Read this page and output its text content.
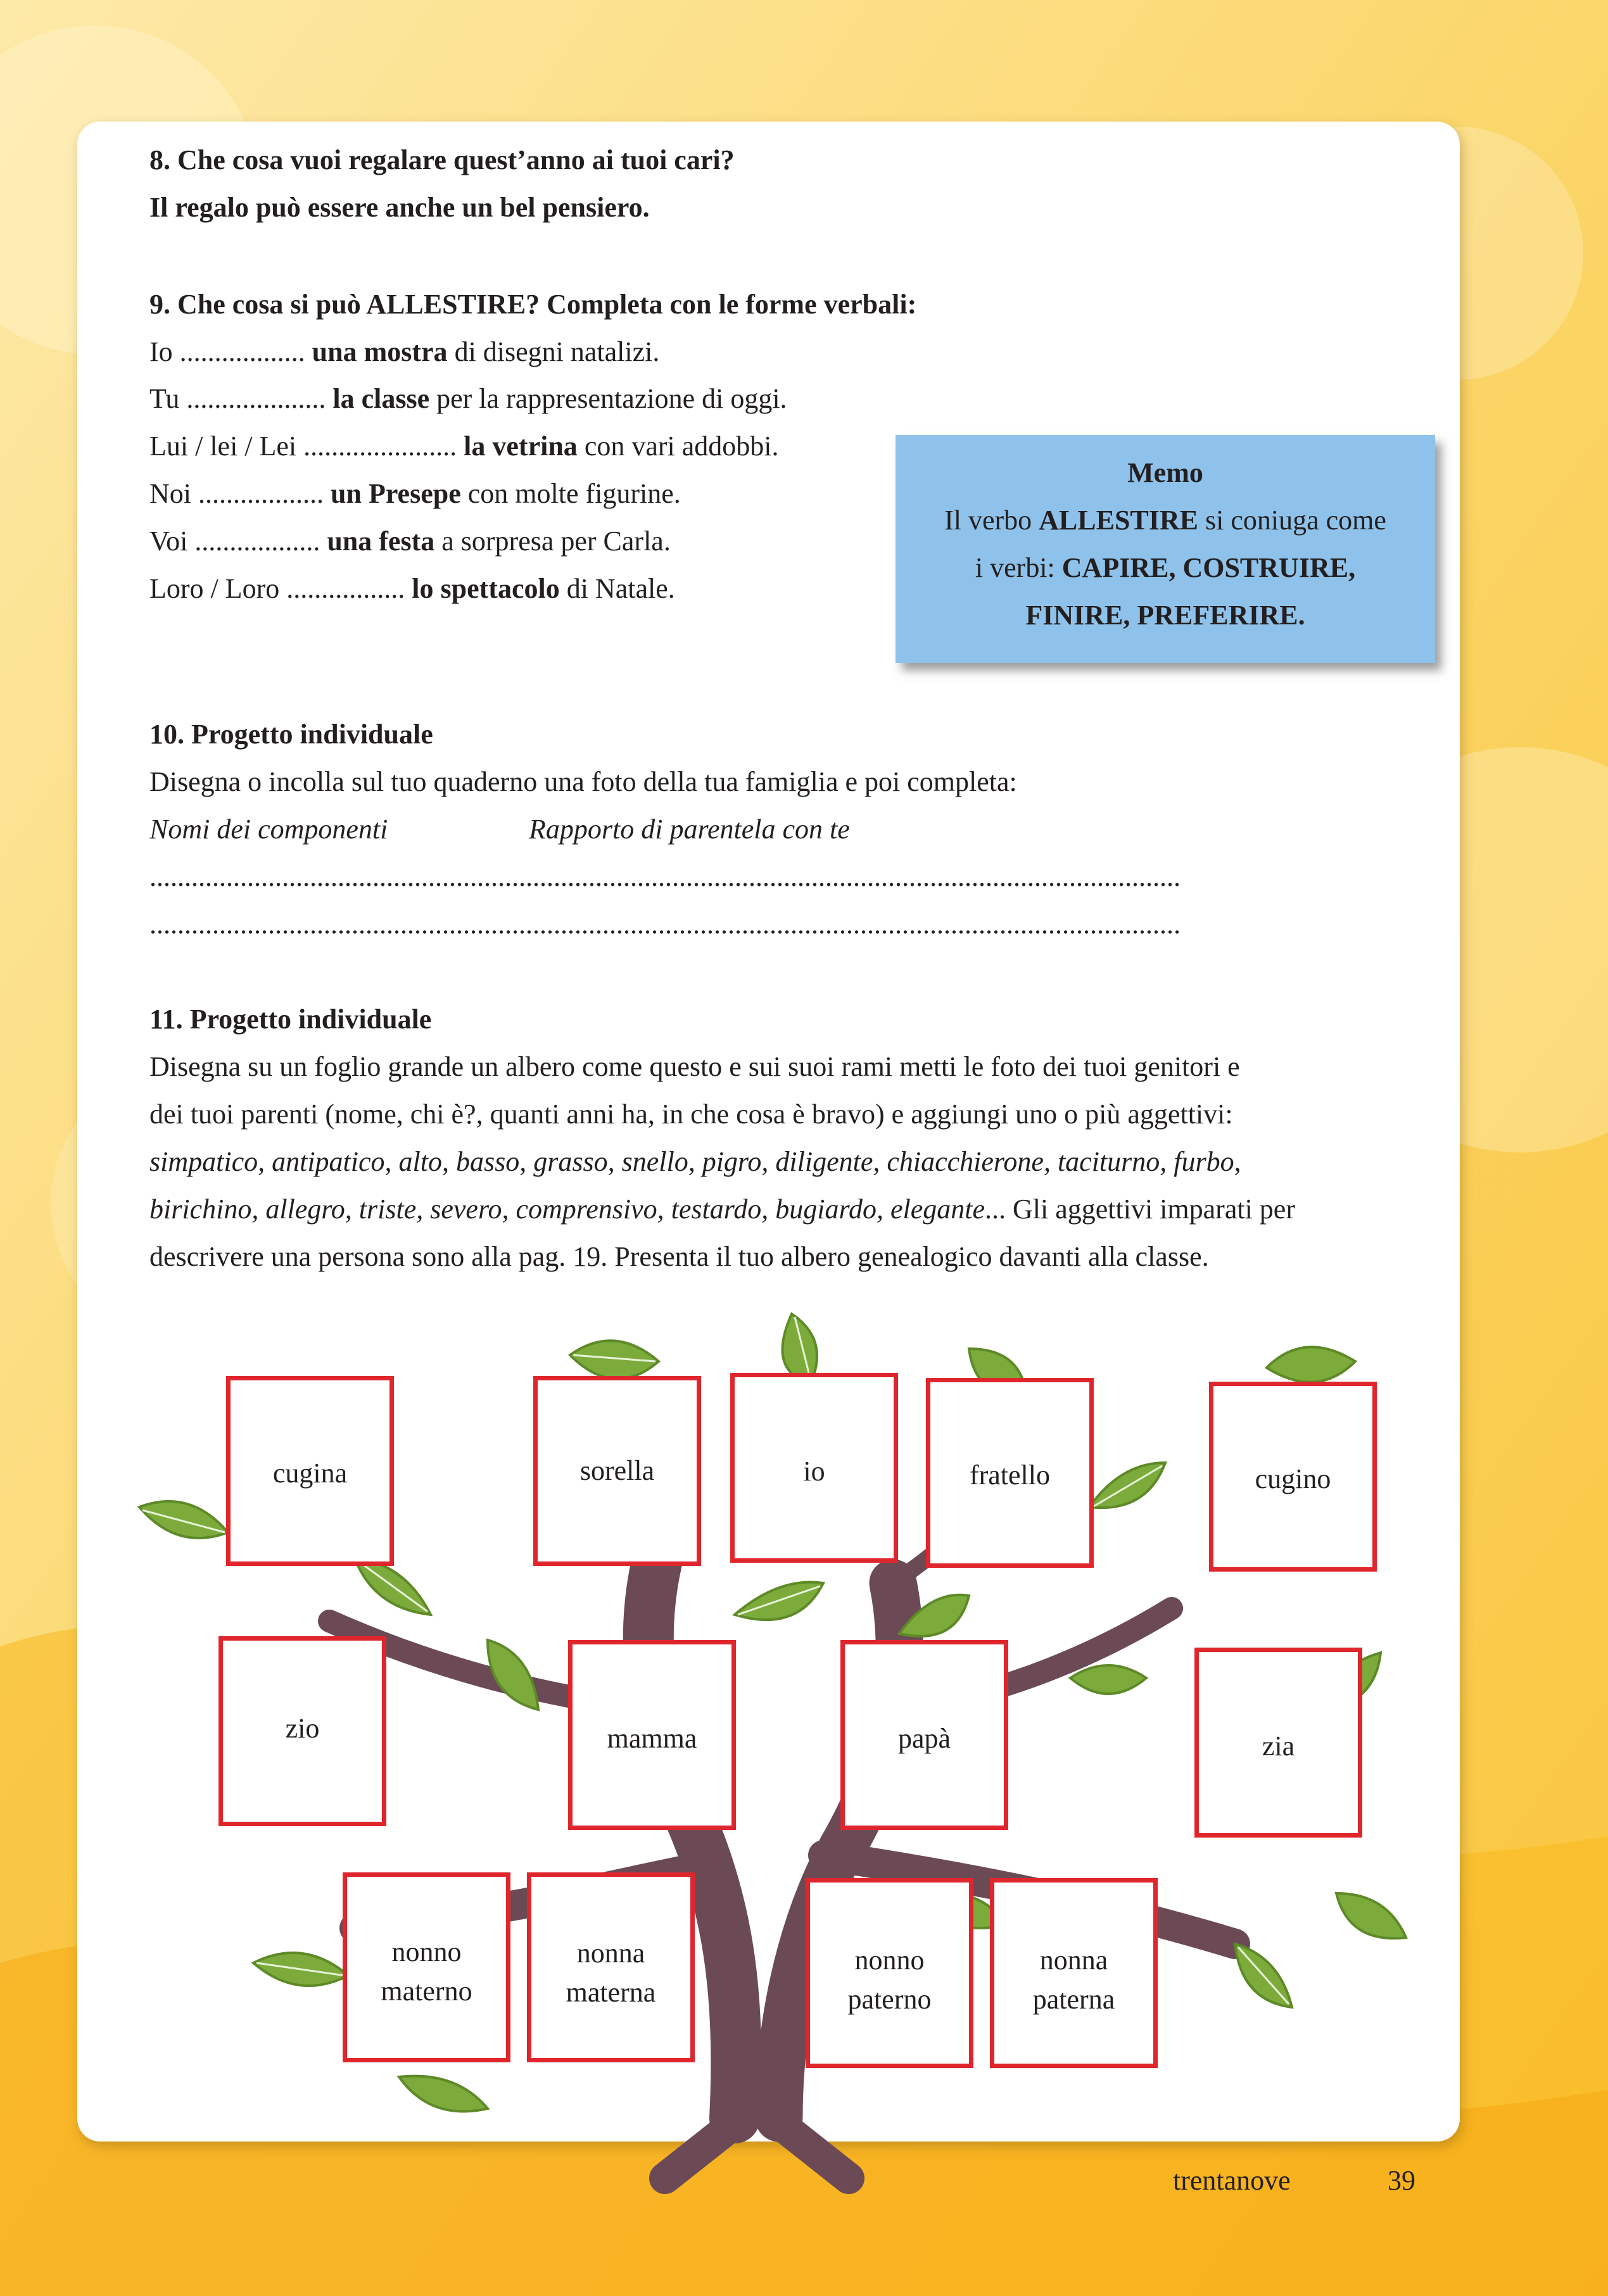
8. Che cosa vuoi regalare quest’anno ai tuoi cari?
Il regalo può essere anche un bel pensiero.
9. Che cosa si può ALLESTIRE? Completa con le forme verbali:
Io .................. una mostra di disegni natalizi.
Tu .................... la classe per la rappresentazione di oggi.
Lui / lei / Lei ...................... la vetrina con vari addobbi.
Noi .................. un Presepe con molte figurine.
Voi .................. una festa a sorpresa per Carla.
Loro / Loro ................. lo spettacolo di Natale.
Memo
Il verbo ALLESTIRE si coniuga come
i verbi: CAPIRE, COSTRUIRE,
FINIRE, PREFERIRE.
10. Progetto individuale
Disegna o incolla sul tuo quaderno una foto della tua famiglia e poi completa:
Nomi dei componenti	Rapporto di parentela con te
....................................................................................................................................................
....................................................................................................................................................
11. Progetto individuale
Disegna su un foglio grande un albero come questo e sui suoi rami metti le foto dei tuoi genitori e
dei tuoi parenti (nome, chi è?, quanti anni ha, in che cosa è bravo) e aggiungi uno o più aggettivi:
simpatico, antipatico, alto, basso, grasso, snello, pigro, diligente, chiacchierone, taciturno, furbo,
birichino, allegro, triste, severo, comprensivo, testardo, bugiardo, elegante... Gli aggettivi imparati per
descrivere una persona sono alla pag. 19. Presenta il tuo albero genealogico davanti alla classe.
cugina	sorella	io	fratello	cugino
zio	mamma	papà	zia
nonno
materno
nonna
materna
nonno
paterno
nonna
paterna
trentanove	39
